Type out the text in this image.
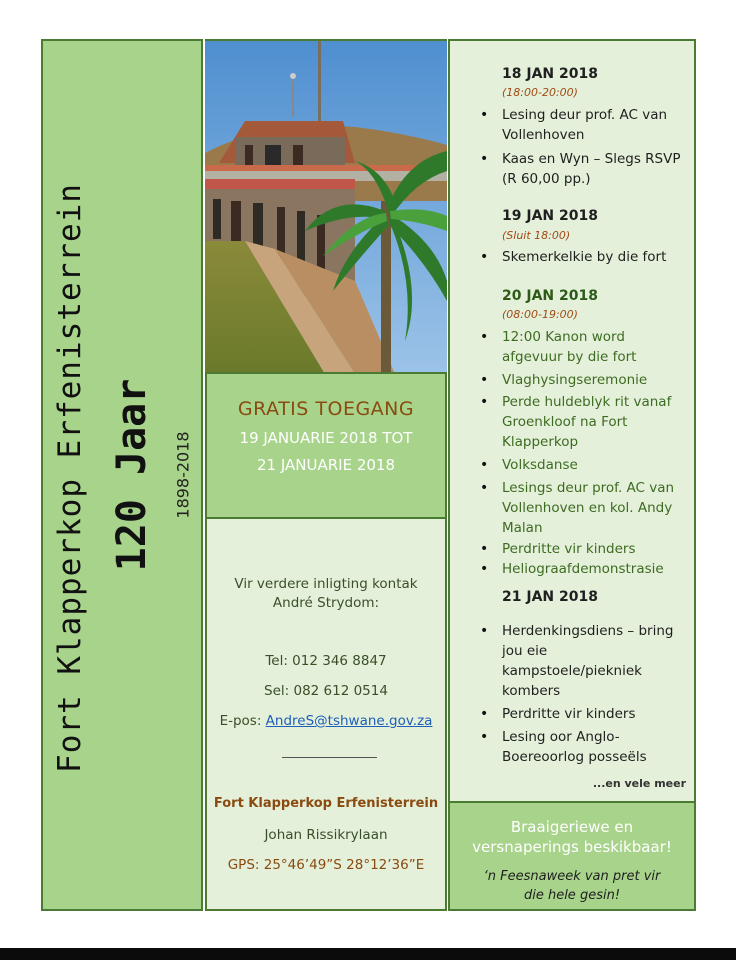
Fort Klapperkop Erfenisterrein 120 Jaar 1898-2018
GRATIS TOEGANG
19 JANUARIE 2018 TOT
21 JANUARIE 2018
Vir verdere inligting kontak
André Strydom:
Tel: 012 346 8847
Sel: 082 612 0514
E-pos: AndreS@tshwane.gov.za
Fort Klapperkop Erfenisterrein
Johan Rissikrylaan
GPS: 25°46’49”S 28°12’36”E
18 JAN 2018
(18:00-20:00)
• Lesing deur prof. AC van Vollenhoven
• Kaas en Wyn – Slegs RSVP (R 60,00 pp.)
19 JAN 2018
(Sluit 18:00)
• Skemerkelkie by die fort
20 JAN 2018
(08:00-19:00)
• 12:00 Kanon word afgevuur by die fort
• Vlaghysingseremonie
• Perde huldeblyk rit vanaf Groenkloof na Fort Klapperkop
• Volksdanse
• Lesings deur prof. AC van Vollenhoven en kol. Andy Malan
• Perdritte vir kinders
• Heliograafdemonstrasie
21 JAN 2018
• Herdenkingsdiens – bring jou eie kampstoele/piekniek kombers
• Perdritte vir kinders
• Lesing oor Anglo-Boereoorlog posseëls
...en vele meer
Braaigeriewe en versnaperings beskikbaar!
‘n Feesnaweek van pret vir die hele gesin!
